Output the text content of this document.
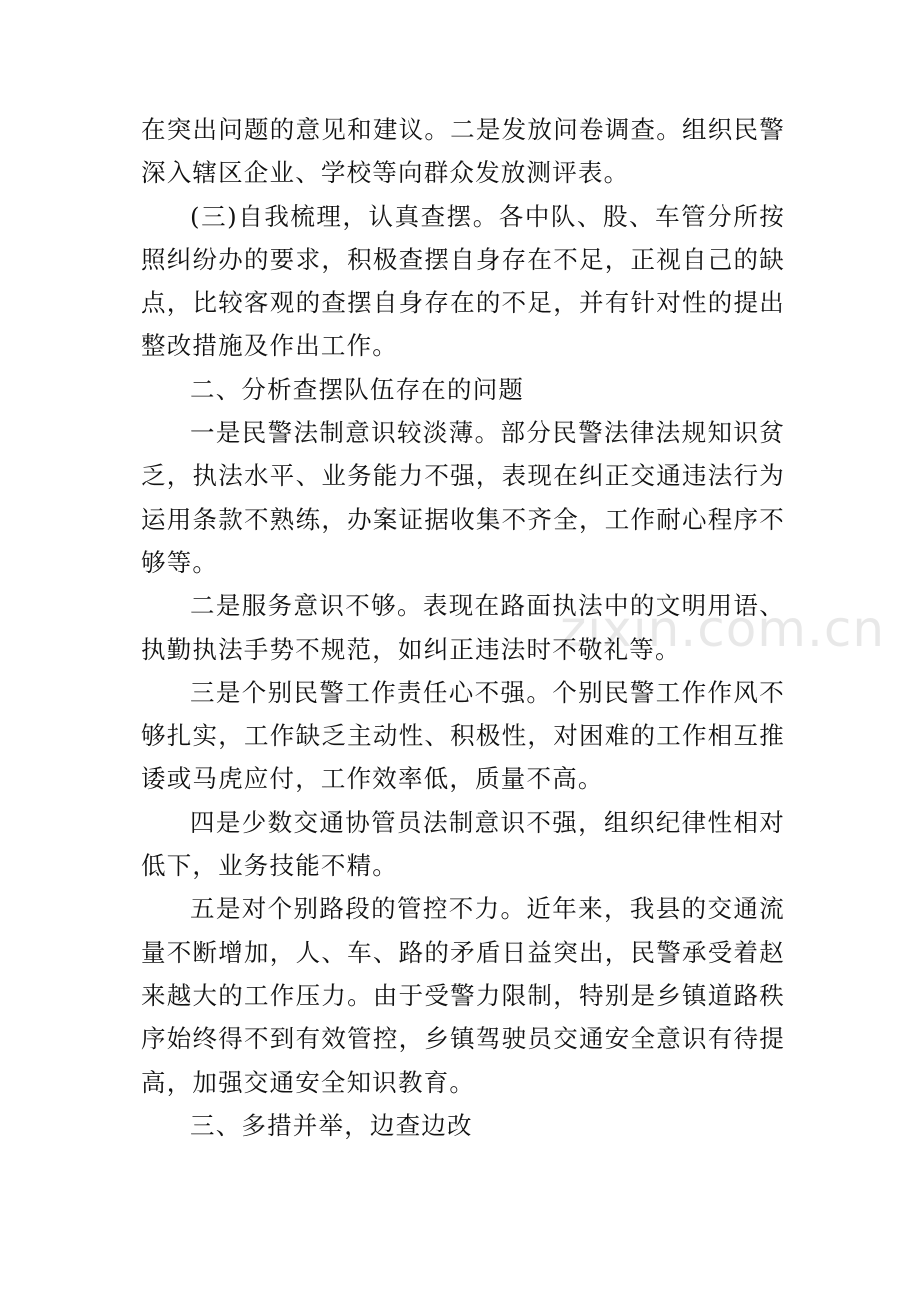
在突出问题的意见和建议。二是发放问卷调查。组织民警深入辖区企业、学校等向群众发放测评表。

(三)自我梳理，认真查摆。各中队、股、车管分所按照纠纷办的要求，积极查摆自身存在不足，正视自己的缺点，比较客观的查摆自身存在的不足，并有针对性的提出整改措施及作出工作。

二、分析查摆队伍存在的问题

一是民警法制意识较淡薄。部分民警法律法规知识贫乏，执法水平、业务能力不强，表现在纠正交通违法行为运用条款不熟练，办案证据收集不齐全，工作耐心程序不够等。

二是服务意识不够。表现在路面执法中的文明用语、执勤执法手势不规范，如纠正违法时不敬礼等。

三是个别民警工作责任心不强。个别民警工作作风不够扎实，工作缺乏主动性、积极性，对困难的工作相互推诿或马虎应付，工作效率低，质量不高。

四是少数交通协管员法制意识不强，组织纪律性相对低下，业务技能不精。

五是对个别路段的管控不力。近年来，我县的交通流量不断增加，人、车、路的矛盾日益突出，民警承受着赵来越大的工作压力。由于受警力限制，特别是乡镇道路秩序始终得不到有效管控，乡镇驾驶员交通安全意识有待提高，加强交通安全知识教育。

三、多措并举，边查边改

zixin.com.cn
